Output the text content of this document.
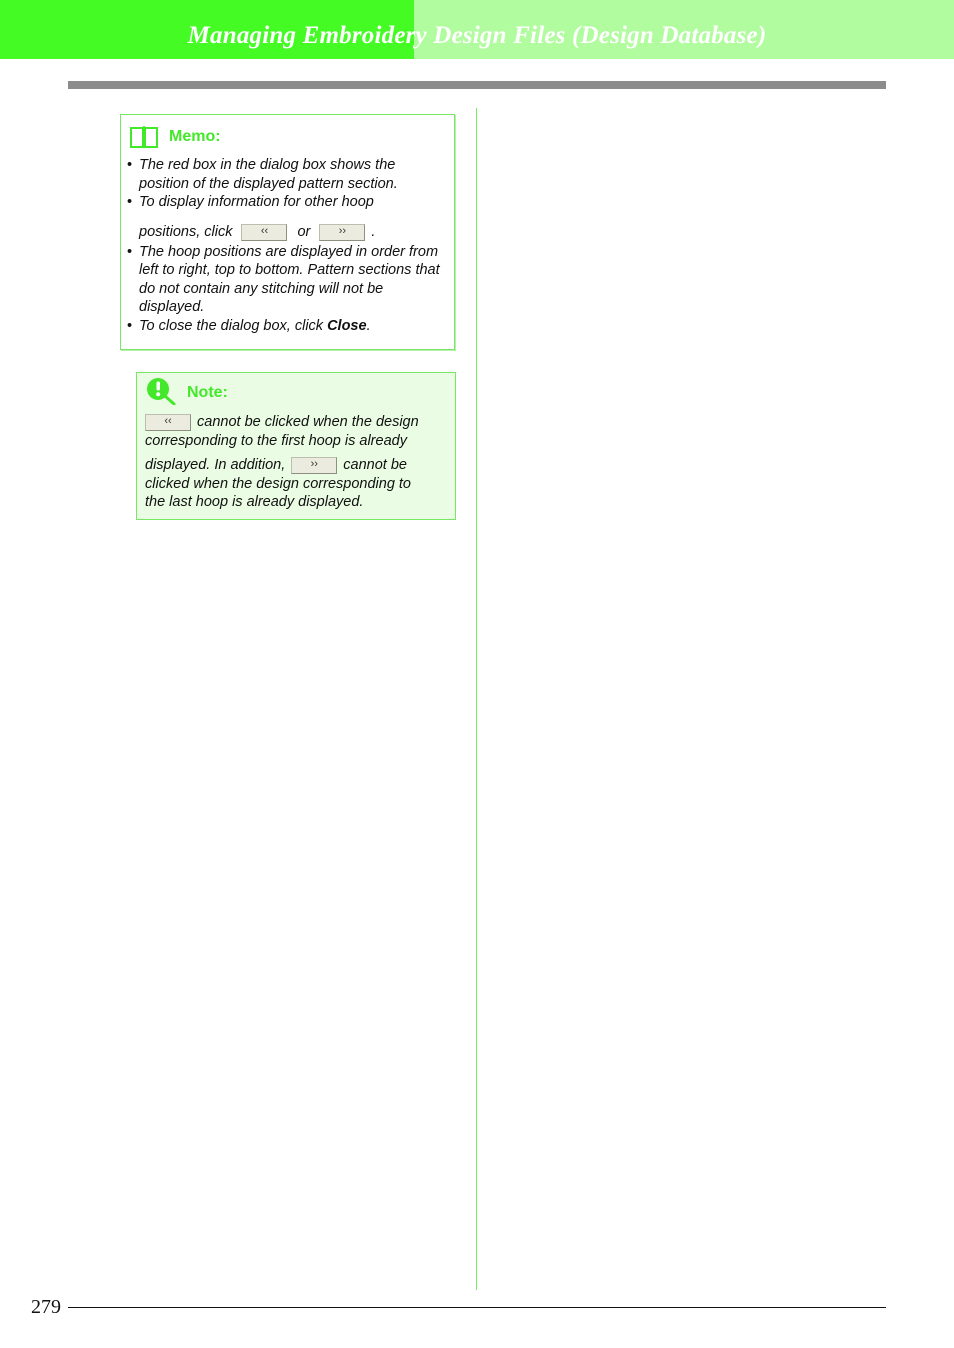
Managing Embroidery Design Files (Design Database)
Memo:
• The red box in the dialog box shows the position of the displayed pattern section.
• To display information for other hoop
positions, click	‹‹	or	››	.
• The hoop positions are displayed in order from left to right, top to bottom. Pattern sections that do not contain any stitching will not be displayed.
• To close the dialog box, click Close.
Note:
‹‹	cannot be clicked when the design
corresponding to the first hoop is already
displayed. In addition,	››	cannot be
clicked when the design corresponding to
the last hoop is already displayed.
279
